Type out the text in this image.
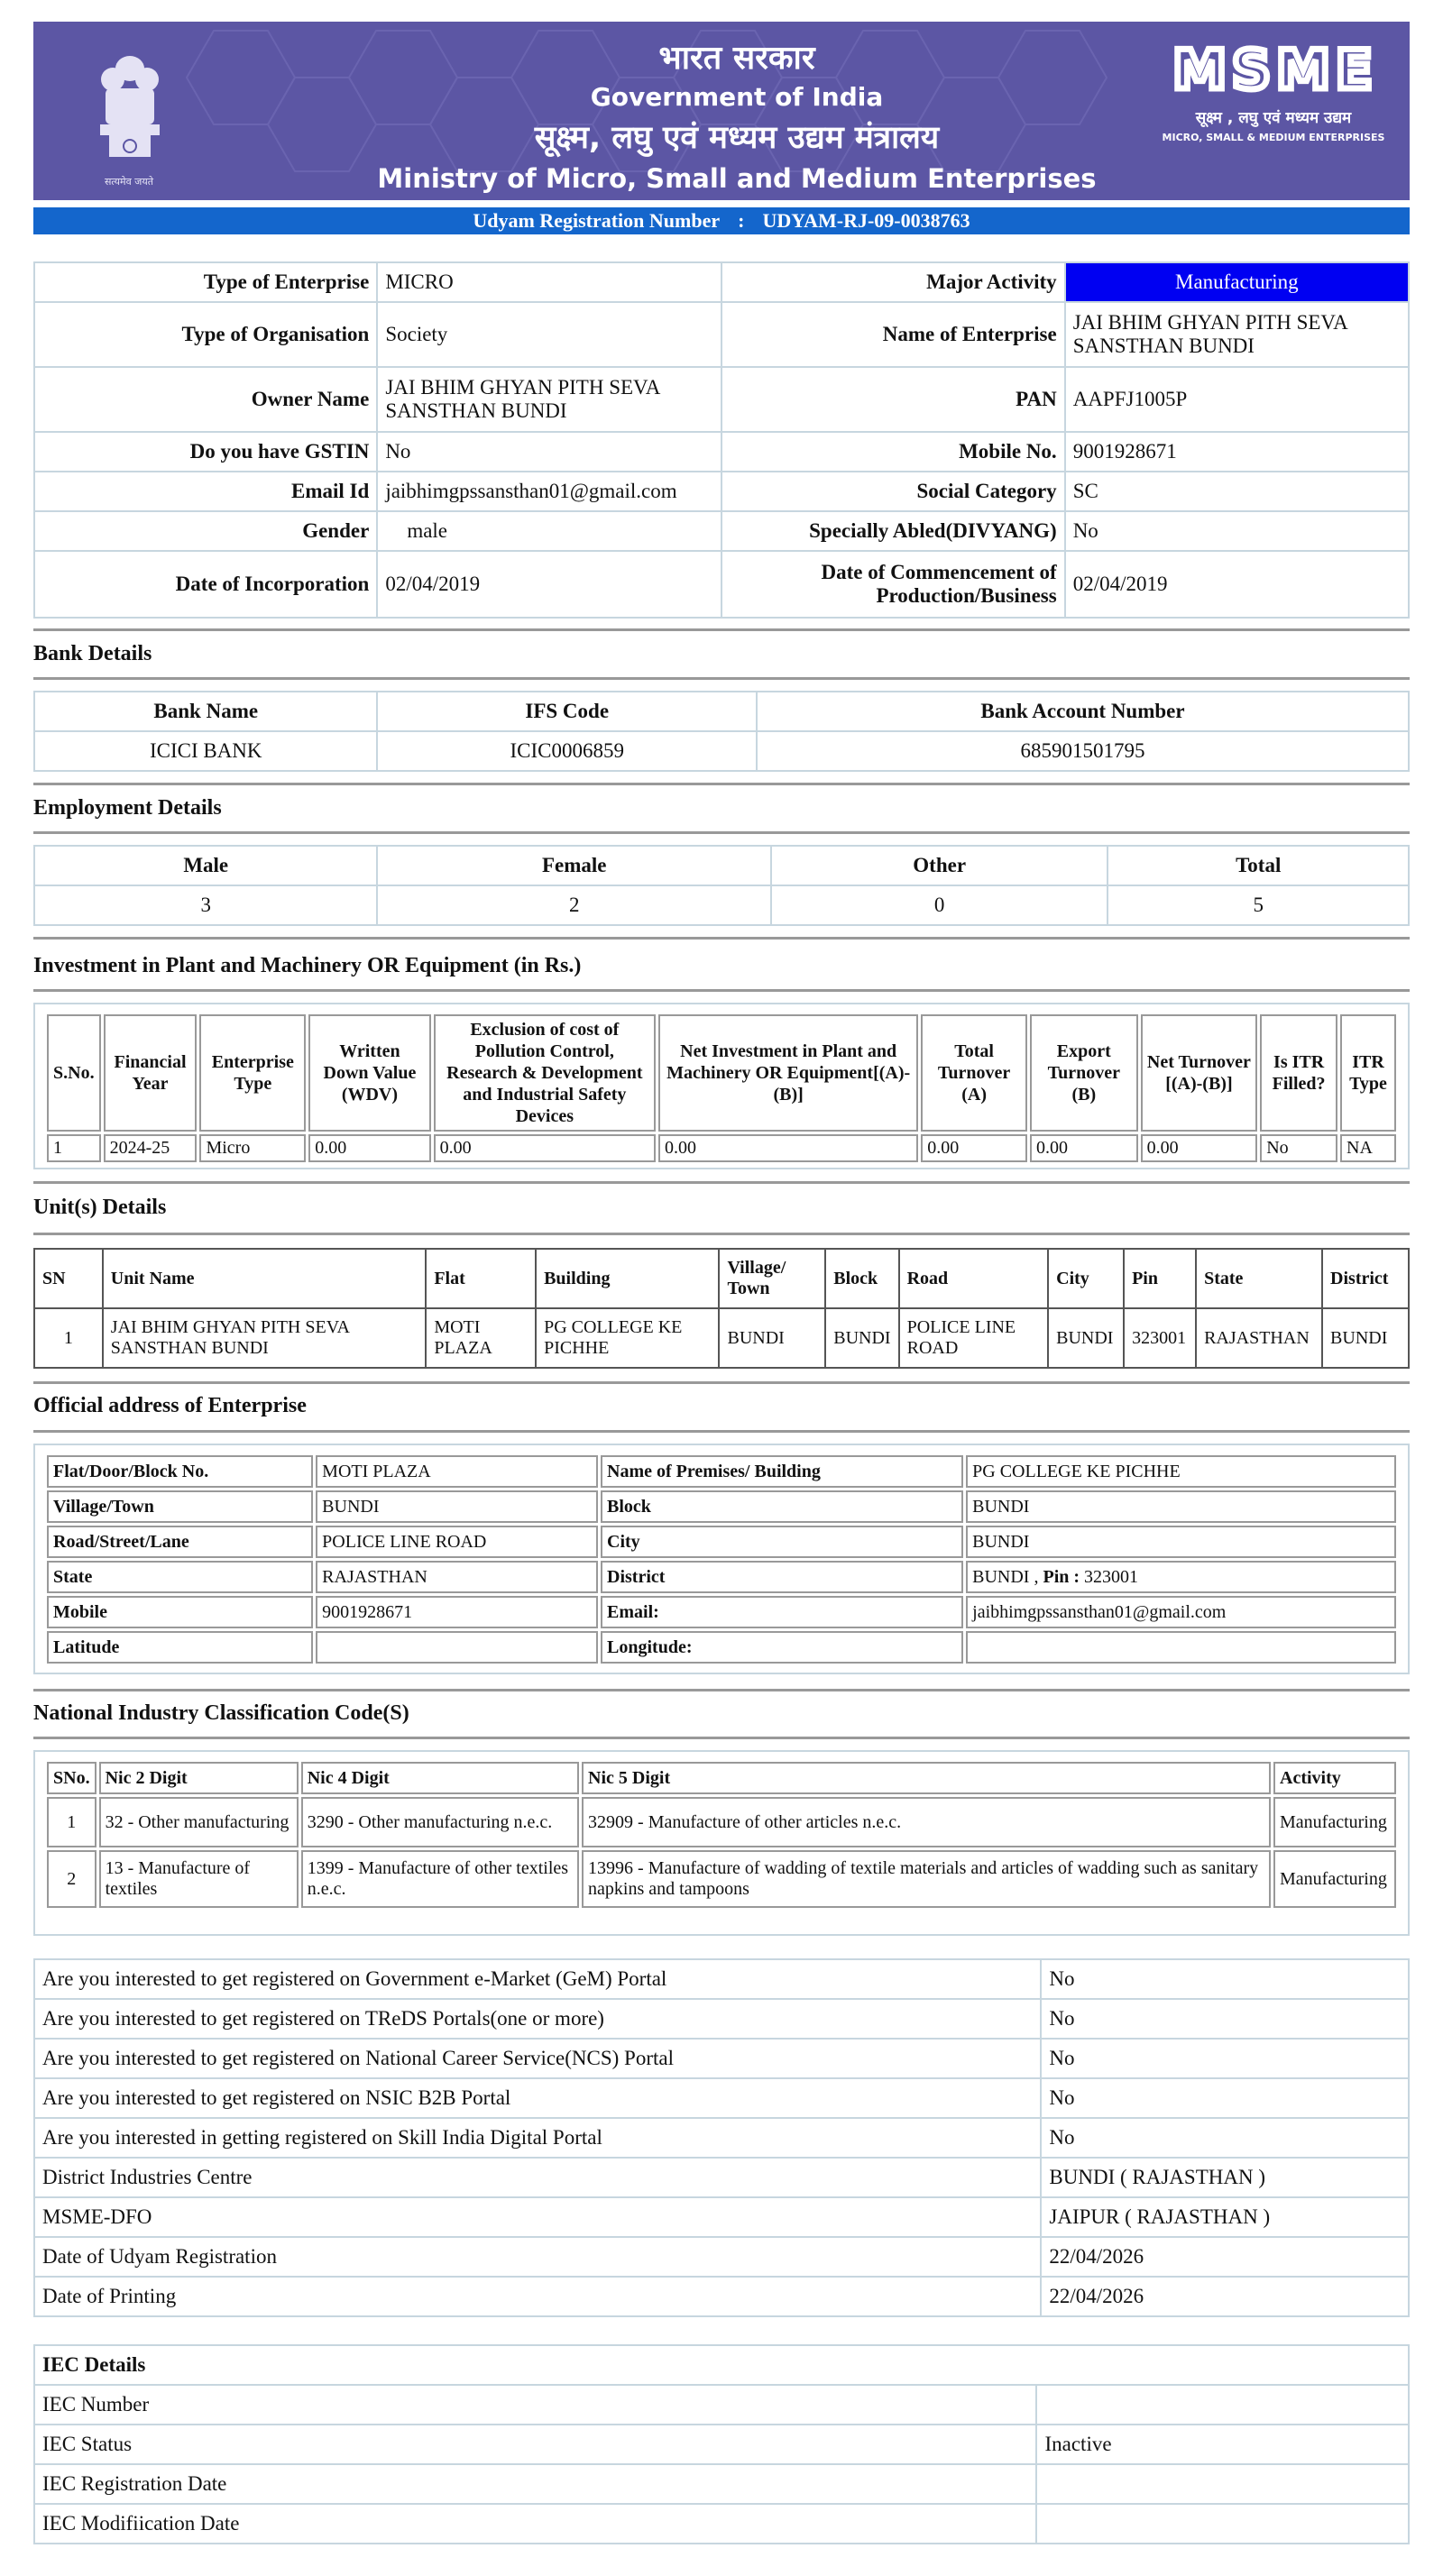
सत्यमेव जयते
भारत सरकार
Government of India
सूक्ष्म, लघु एवं मध्यम उद्यम मंत्रालय
Ministry of Micro, Small and Medium Enterprises
MSME
सूक्ष्म , लघु एवं मध्यम उद्यम
MICRO, SMALL & MEDIUM ENTERPRISES
Udyam Registration Number : UDYAM-RJ-09-0038763
Type of Enterprise	MICRO	Major Activity	Manufacturing
Type of Organisation	Society	Name of Enterprise	JAI BHIM GHYAN PITH SEVA SANSTHAN BUNDI
Owner Name	JAI BHIM GHYAN PITH SEVA SANSTHAN BUNDI	PAN	AAPFJ1005P
Do you have GSTIN	No	Mobile No.	9001928671
Email Id	jaibhimgpssansthan01@gmail.com	Social Category	SC
Gender	male	Specially Abled(DIVYANG)	No
Date of Incorporation	02/04/2019	Date of Commencement of Production/Business	02/04/2019
Bank Details
Bank Name	IFS Code	Bank Account Number
ICICI BANK	ICIC0006859	685901501795
Employment Details
Male	Female	Other	Total
3	2	0	5
Investment in Plant and Machinery OR Equipment (in Rs.)
S.No.	Financial Year	Enterprise Type	Written Down Value (WDV)	Exclusion of cost of Pollution Control, Research & Development and Industrial Safety Devices	Net Investment in Plant and Machinery OR Equipment[(A)-(B)]	Total Turnover (A)	Export Turnover (B)	Net Turnover [(A)-(B)]	Is ITR Filled?	ITR Type
1	2024-25	Micro	0.00	0.00	0.00	0.00	0.00	0.00	No	NA
Unit(s) Details
SN	Unit Name	Flat	Building	Village/ Town	Block	Road	City	Pin	State	District
1	JAI BHIM GHYAN PITH SEVA SANSTHAN BUNDI	MOTI PLAZA	PG COLLEGE KE PICHHE	BUNDI	BUNDI	POLICE LINE ROAD	BUNDI	323001	RAJASTHAN	BUNDI
Official address of Enterprise
Flat/Door/Block No.	MOTI PLAZA	Name of Premises/ Building	PG COLLEGE KE PICHHE
Village/Town	BUNDI	Block	BUNDI
Road/Street/Lane	POLICE LINE ROAD	City	BUNDI
State	RAJASTHAN	District	BUNDI , Pin : 323001
Mobile	9001928671	Email:	jaibhimgpssansthan01@gmail.com
Latitude		Longitude:	
National Industry Classification Code(S)
SNo.	Nic 2 Digit	Nic 4 Digit	Nic 5 Digit	Activity
1	32 - Other manufacturing	3290 - Other manufacturing n.e.c.	32909 - Manufacture of other articles n.e.c.	Manufacturing
2	13 - Manufacture of textiles	1399 - Manufacture of other textiles n.e.c.	13996 - Manufacture of wadding of textile materials and articles of wadding such as sanitary napkins and tampoons	Manufacturing
Are you interested to get registered on Government e-Market (GeM) Portal	No
Are you interested to get registered on TReDS Portals(one or more)	No
Are you interested to get registered on National Career Service(NCS) Portal	No
Are you interested to get registered on NSIC B2B Portal	No
Are you interested in getting registered on Skill India Digital Portal	No
District Industries Centre	BUNDI ( RAJASTHAN )
MSME-DFO	JAIPUR ( RAJASTHAN )
Date of Udyam Registration	22/04/2026
Date of Printing	22/04/2026
IEC Details	
IEC Number	
IEC Status	Inactive
IEC Registration Date	
IEC Modifiication Date	
